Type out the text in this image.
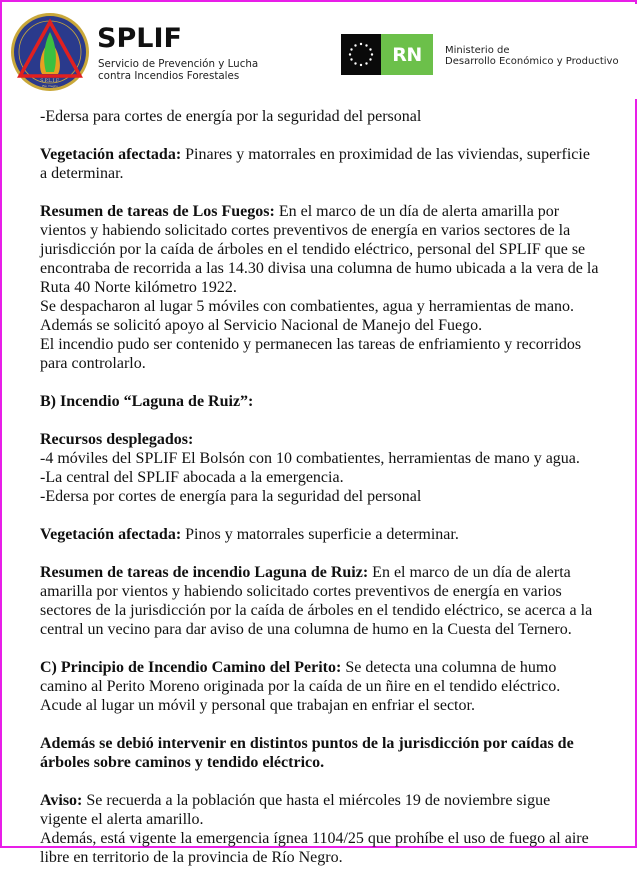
S.P.L.I.F.
Río Negro
SPLIF
Servicio de Prevención y Lucha
contra Incendios Forestales
RN	Ministerio de
Desarrollo Económico y Productivo

-Edersa para cortes de energía por la seguridad del personal

Vegetación afectada: Pinares y matorrales en proximidad de las viviendas, superficie a determinar.

Resumen de tareas de Los Fuegos: En el marco de un día de alerta amarilla por vientos y habiendo solicitado cortes preventivos de energía en varios sectores de la jurisdicción por la caída de árboles en el tendido eléctrico, personal del SPLIF que se encontraba de recorrida a las 14.30 divisa una columna de humo ubicada a la vera de la Ruta 40 Norte kilómetro 1922.
Se despacharon al lugar 5 móviles con combatientes, agua y herramientas de mano.
Además se solicitó apoyo al Servicio Nacional de Manejo del Fuego.
El incendio pudo ser contenido y permanecen las tareas de enfriamiento y recorridos para controlarlo.

B) Incendio “Laguna de Ruiz”:

Recursos desplegados:
-4 móviles del SPLIF El Bolsón con 10 combatientes, herramientas de mano y agua.
-La central del SPLIF abocada a la emergencia.
-Edersa por cortes de energía para la seguridad del personal

Vegetación afectada: Pinos y matorrales superficie a determinar.

Resumen de tareas de incendio Laguna de Ruiz: En el marco de un día de alerta amarilla por vientos y habiendo solicitado cortes preventivos de energía en varios sectores de la jurisdicción por la caída de árboles en el tendido eléctrico, se acerca a la central un vecino para dar aviso de una columna de humo en la Cuesta del Ternero.

C) Principio de Incendio Camino del Perito: Se detecta una columna de humo camino al Perito Moreno originada por la caída de un ñire en el tendido eléctrico. Acude al lugar un móvil y personal que trabajan en enfriar el sector.

Además se debió intervenir en distintos puntos de la jurisdicción por caídas de árboles sobre caminos y tendido eléctrico.

Aviso: Se recuerda a la población que hasta el miércoles 19 de noviembre sigue vigente el alerta amarillo.
Además, está vigente la emergencia ígnea 1104/25 que prohíbe el uso de fuego al aire libre en territorio de la provincia de Río Negro.
